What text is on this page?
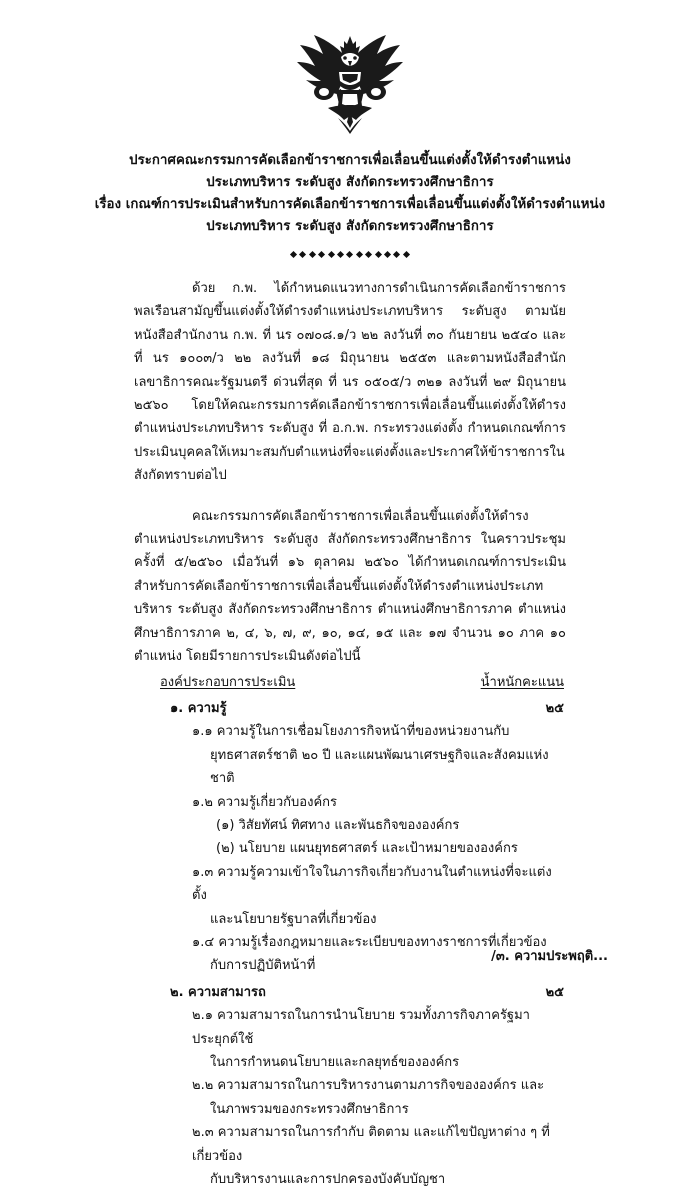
ประกาศคณะกรรมการคัดเลือกข้าราชการเพื่อเลื่อนขึ้นแต่งตั้งให้ดำรงตำแหน่ง
ประเภทบริหาร ระดับสูง สังกัดกระทรวงศึกษาธิการ
เรื่อง เกณฑ์การประเมินสำหรับการคัดเลือกข้าราชการเพื่อเลื่อนขึ้นแต่งตั้งให้ดำรงตำแหน่ง
ประเภทบริหาร ระดับสูง สังกัดกระทรวงศึกษาธิการ

ด้วย ก.พ. ได้กำหนดแนวทางการดำเนินการคัดเลือกข้าราชการพลเรือนสามัญขึ้นแต่งตั้งให้ดำรงตำแหน่งประเภทบริหาร ระดับสูง ตามนัยหนังสือสำนักงาน ก.พ. ที่ นร ๐๗๐๘.๑/ว ๒๒ ลงวันที่ ๓๐ กันยายน ๒๕๔๐ และ ที่ นร ๑๐๐๓/ว ๒๒ ลงวันที่ ๑๘ มิถุนายน ๒๕๕๓ และตามหนังสือสำนักเลขาธิการคณะรัฐมนตรี ด่วนที่สุด ที่ นร ๐๕๐๕/ว ๓๒๑ ลงวันที่ ๒๙ มิถุนายน ๒๕๖๐ โดยให้คณะกรรมการคัดเลือกข้าราชการเพื่อเลื่อนขึ้นแต่งตั้งให้ดำรงตำแหน่งประเภทบริหาร ระดับสูง ที่ อ.ก.พ. กระทรวงแต่งตั้ง กำหนดเกณฑ์การประเมินบุคคลให้เหมาะสมกับตำแหน่งที่จะแต่งตั้งและประกาศให้ข้าราชการในสังกัดทราบต่อไป

คณะกรรมการคัดเลือกข้าราชการเพื่อเลื่อนขึ้นแต่งตั้งให้ดำรงตำแหน่งประเภทบริหาร ระดับสูง สังกัดกระทรวงศึกษาธิการ ในคราวประชุมครั้งที่ ๕/๒๕๖๐ เมื่อวันที่ ๑๖ ตุลาคม ๒๕๖๐ ได้กำหนดเกณฑ์การประเมินสำหรับการคัดเลือกข้าราชการเพื่อเลื่อนขึ้นแต่งตั้งให้ดำรงตำแหน่งประเภทบริหาร ระดับสูง สังกัดกระทรวงศึกษาธิการ ตำแหน่งศึกษาธิการภาค ตำแหน่งศึกษาธิการภาค ๒, ๔, ๖, ๗, ๙, ๑๐, ๑๔, ๑๕ และ ๑๗ จำนวน ๑๐ ภาค ๑๐ ตำแหน่ง โดยมีรายการประเมินดังต่อไปนี้

องค์ประกอบการประเมิน	น้ำหนักคะแนน
๑. ความรู้	๒๕
๑.๑ ความรู้ในการเชื่อมโยงภารกิจหน้าที่ของหน่วยงานกับ
ยุทธศาสตร์ชาติ ๒๐ ปี และแผนพัฒนาเศรษฐกิจและสังคมแห่งชาติ
๑.๒ ความรู้เกี่ยวกับองค์กร
(๑) วิสัยทัศน์ ทิศทาง และพันธกิจขององค์กร
(๒) นโยบาย แผนยุทธศาสตร์ และเป้าหมายขององค์กร
๑.๓ ความรู้ความเข้าใจในภารกิจเกี่ยวกับงานในตำแหน่งที่จะแต่งตั้ง
และนโยบายรัฐบาลที่เกี่ยวข้อง
๑.๔ ความรู้เรื่องกฎหมายและระเบียบของทางราชการที่เกี่ยวข้อง
กับการปฏิบัติหน้าที่
๒. ความสามารถ	๒๕
๒.๑ ความสามารถในการนำนโยบาย รวมทั้งภารกิจภาครัฐมาประยุกต์ใช้
ในการกำหนดนโยบายและกลยุทธ์ขององค์กร
๒.๒ ความสามารถในการบริหารงานตามภารกิจขององค์กร และ
ในภาพรวมของกระทรวงศึกษาธิการ
๒.๓ ความสามารถในการกำกับ ติดตาม และแก้ไขปัญหาต่าง ๆ ที่เกี่ยวข้อง
กับบริหารงานและการปกครองบังคับบัญชา
/๓. ความประพฤติ...
